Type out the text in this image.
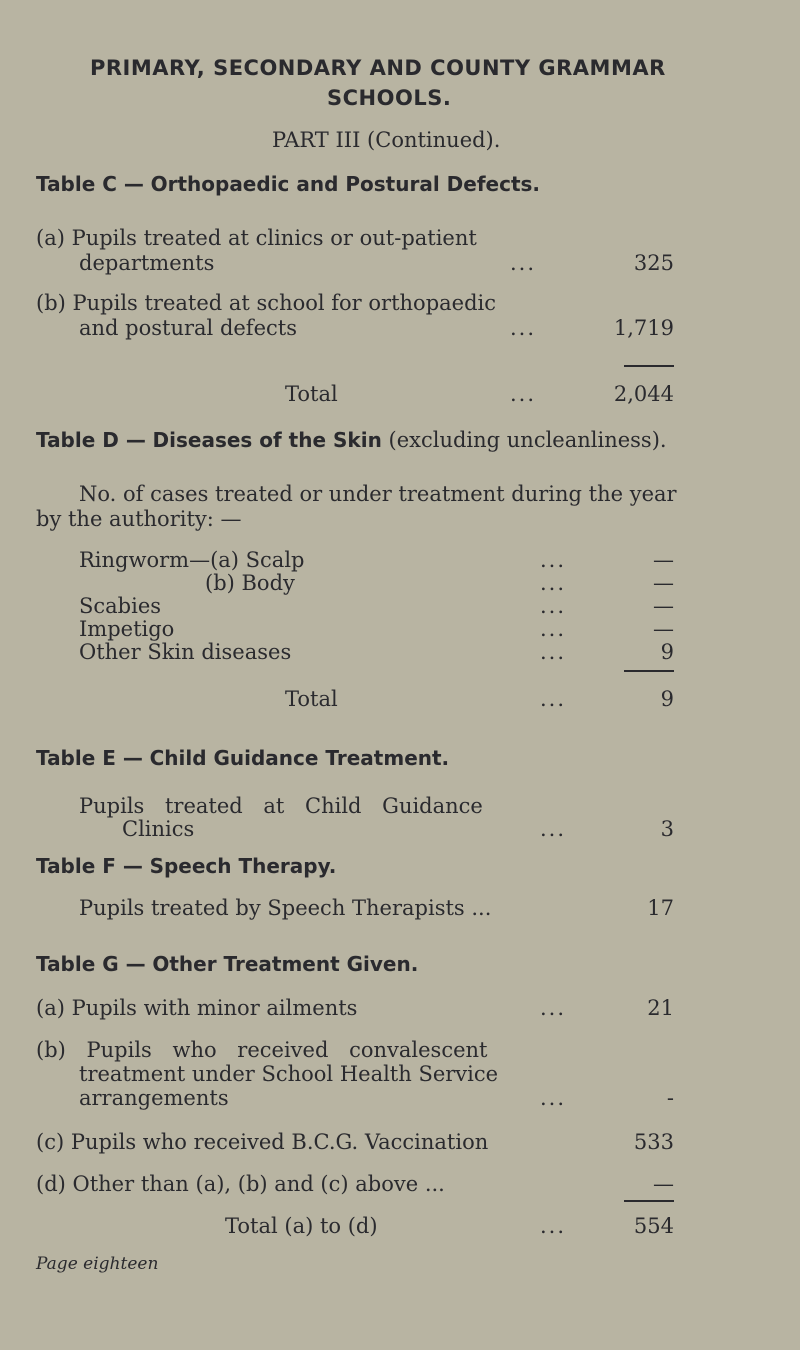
PRIMARY, SECONDARY AND COUNTY GRAMMAR
SCHOOLS.
PART III (Continued).
Table C — Orthopaedic and Postural Defects.
(a) Pupils treated at clinics or out-patient
departments	...	325
(b) Pupils treated at school for orthopaedic
and postural defects	...	1,719
Total	...	2,044
Table D — Diseases of the Skin (excluding uncleanliness).
No. of cases treated or under treatment during the year
by the authority: —
Ringworm—(a) Scalp	...	—
(b) Body	...	—
Scabies	...	—
Impetigo	...	—
Other Skin diseases	...	9
Total	...	9
Table E — Child Guidance Treatment.
Pupils treated at Child Guidance
Clinics	...	3
Table F — Speech Therapy.
Pupils treated by Speech Therapists ...	17
Table G — Other Treatment Given.
(a) Pupils with minor ailments	...	21
(b) Pupils who received convalescent
treatment under School Health Service
arrangements	...	-
(c) Pupils who received B.C.G. Vaccination	533
(d) Other than (a), (b) and (c) above ...	—
Total (a) to (d)	...	554
Page eighteen
